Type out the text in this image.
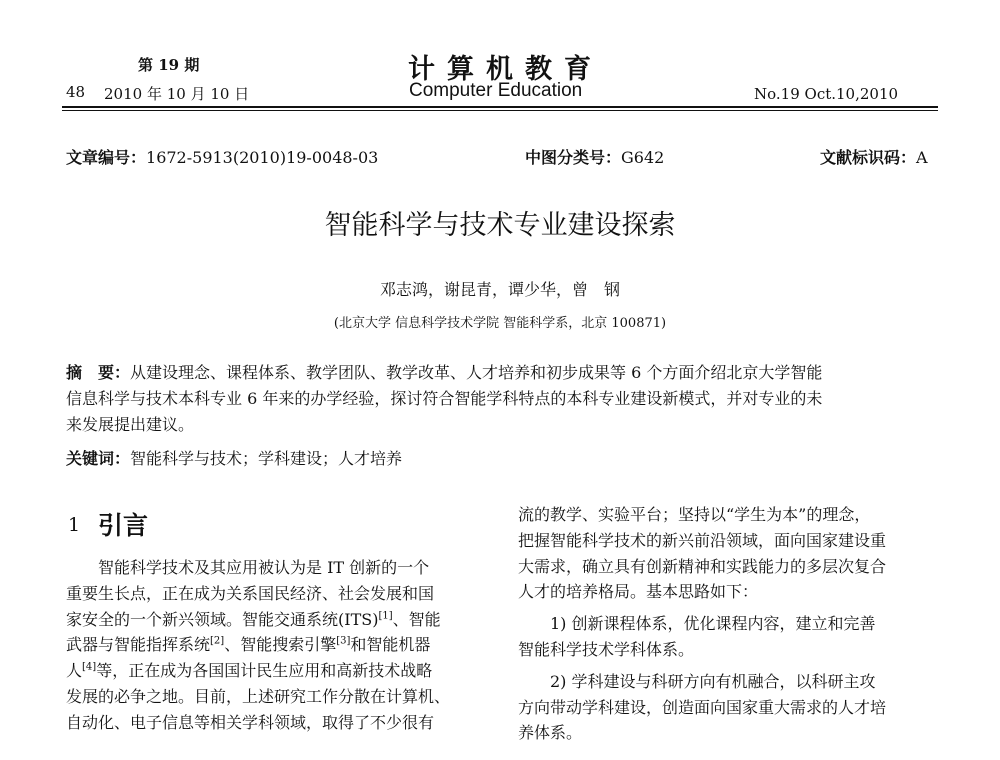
第 19 期	计算机教育
48 2010 年 10 月 10 日	Computer Education	No.19 Oct.10,2010
文章编号：1672-5913(2010)19-0048-03	中图分类号：G642	文献标识码：A
智能科学与技术专业建设探索
邓志鸿，谢昆青，谭少华，曾　钢
(北京大学 信息科学技术学院 智能科学系，北京 100871)
摘　要：从建设理念、课程体系、教学团队、教学改革、人才培养和初步成果等 6 个方面介绍北京大学智能
信息科学与技术本科专业 6 年来的办学经验，探讨符合智能学科特点的本科专业建设新模式，并对专业的未
来发展提出建议。
关键词：智能科学与技术；学科建设；人才培养
1 引言
智能科学技术及其应用被认为是 IT 创新的一个
重要生长点，正在成为关系国民经济、社会发展和国
家安全的一个新兴领域。智能交通系统(ITS)[1]、智能
武器与智能指挥系统[2]、智能搜索引擎[3]和智能机器
人[4]等，正在成为各国国计民生应用和高新技术战略
发展的必争之地。目前，上述研究工作分散在计算机、
自动化、电子信息等相关学科领域，取得了不少很有
流的教学、实验平台；坚持以“学生为本”的理念，
把握智能科学技术的新兴前沿领域，面向国家建设重
大需求，确立具有创新精神和实践能力的多层次复合
人才的培养格局。基本思路如下：
1) 创新课程体系，优化课程内容，建立和完善
智能科学技术学科体系。
2) 学科建设与科研方向有机融合，以科研主攻
方向带动学科建设，创造面向国家重大需求的人才培
养体系。
